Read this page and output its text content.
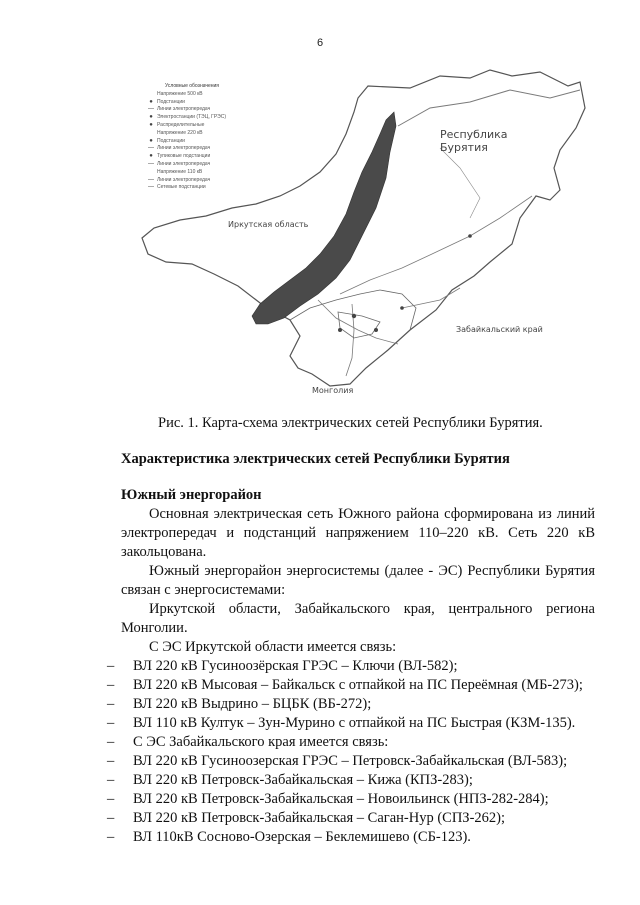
6
Условные обозначения
Напряжение 500 кВ
● Подстанции
— Линии электропередач
● Электростанции (ТЭЦ, ГРЭС)
● Распределительные
Напряжение 220 кВ
● Подстанции
— Линии электропередач
● Тупиковые подстанции
— Линии электропередач
Напряжение 110 кВ
— Линии электропередач
— Сетевые подстанции
Республика
Бурятия
Иркутская область
Забайкальский край
Монголия
Рис. 1. Карта-схема электрических сетей Республики Бурятия.
Характеристика электрических сетей Республики Бурятия
Южный энергорайон
Основная электрическая сеть Южного района сформирована из линий электропередач и подстанций напряжением 110–220 кВ. Сеть 220 кВ закольцована.
Южный энергорайон энергосистемы (далее - ЭС) Республики Бурятия связан с энергосистемами:
Иркутской области, Забайкальского края, центрального региона Монголии.
С ЭС Иркутской области имеется связь:
– ВЛ 220 кВ Гусиноозёрская ГРЭС – Ключи (ВЛ-582);
– ВЛ 220 кВ Мысовая – Байкальск с отпайкой на ПС Переёмная (МБ-273);
– ВЛ 220 кВ Выдрино – БЦБК (ВБ-272);
– ВЛ 110 кВ Култук – Зун-Мурино с отпайкой на ПС Быстрая (КЗМ-135).
– С ЭС Забайкальского края имеется связь:
– ВЛ 220 кВ Гусиноозерская ГРЭС – Петровск-Забайкальская (ВЛ-583);
– ВЛ 220 кВ Петровск-Забайкальская – Кижа (КПЗ-283);
– ВЛ 220 кВ Петровск-Забайкальская – Новоильинск (НПЗ-282-284);
– ВЛ 220 кВ Петровск-Забайкальская – Саган-Нур (СПЗ-262);
– ВЛ 110кВ Сосново-Озерская – Беклемишево (СБ-123).
